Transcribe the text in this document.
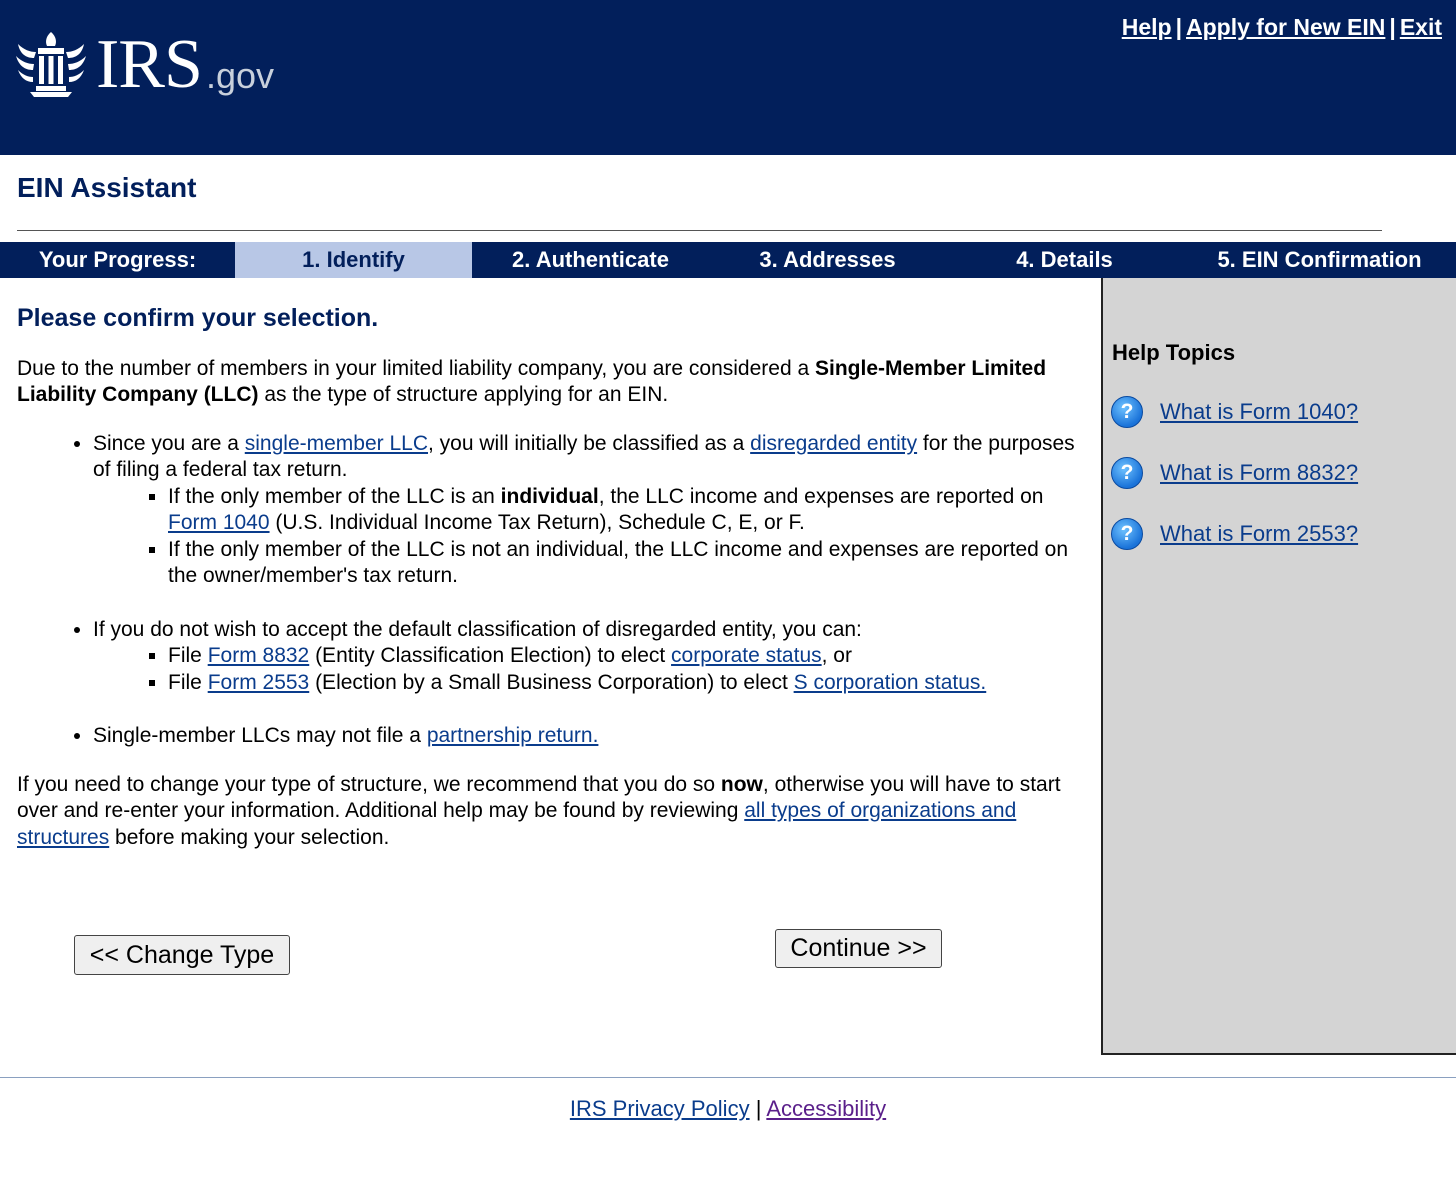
IRS .gov
Help | Apply for New EIN | Exit
EIN Assistant
Your Progress:	1. Identify	2. Authenticate	3. Addresses	4. Details	5. EIN Confirmation
Please confirm your selection.

Due to the number of members in your limited liability company, you are considered a Single-Member Limited Liability Company (LLC) as the type of structure applying for an EIN.

• Since you are a single-member LLC, you will initially be classified as a disregarded entity for the purposes of filing a federal tax return.
▪ If the only member of the LLC is an individual, the LLC income and expenses are reported on Form 1040 (U.S. Individual Income Tax Return), Schedule C, E, or F.
▪ If the only member of the LLC is not an individual, the LLC income and expenses are reported on the owner/member's tax return.
• If you do not wish to accept the default classification of disregarded entity, you can:
▪ File Form 8832 (Entity Classification Election) to elect corporate status, or
▪ File Form 2553 (Election by a Small Business Corporation) to elect S corporation status.
• Single-member LLCs may not file a partnership return.

If you need to change your type of structure, we recommend that you do so now, otherwise you will have to start over and re-enter your information. Additional help may be found by reviewing all types of organizations and structures before making your selection.

<< Change Type	Continue >>
Help Topics
?	What is Form 1040?
?	What is Form 8832?
?	What is Form 2553?
IRS Privacy Policy | Accessibility
